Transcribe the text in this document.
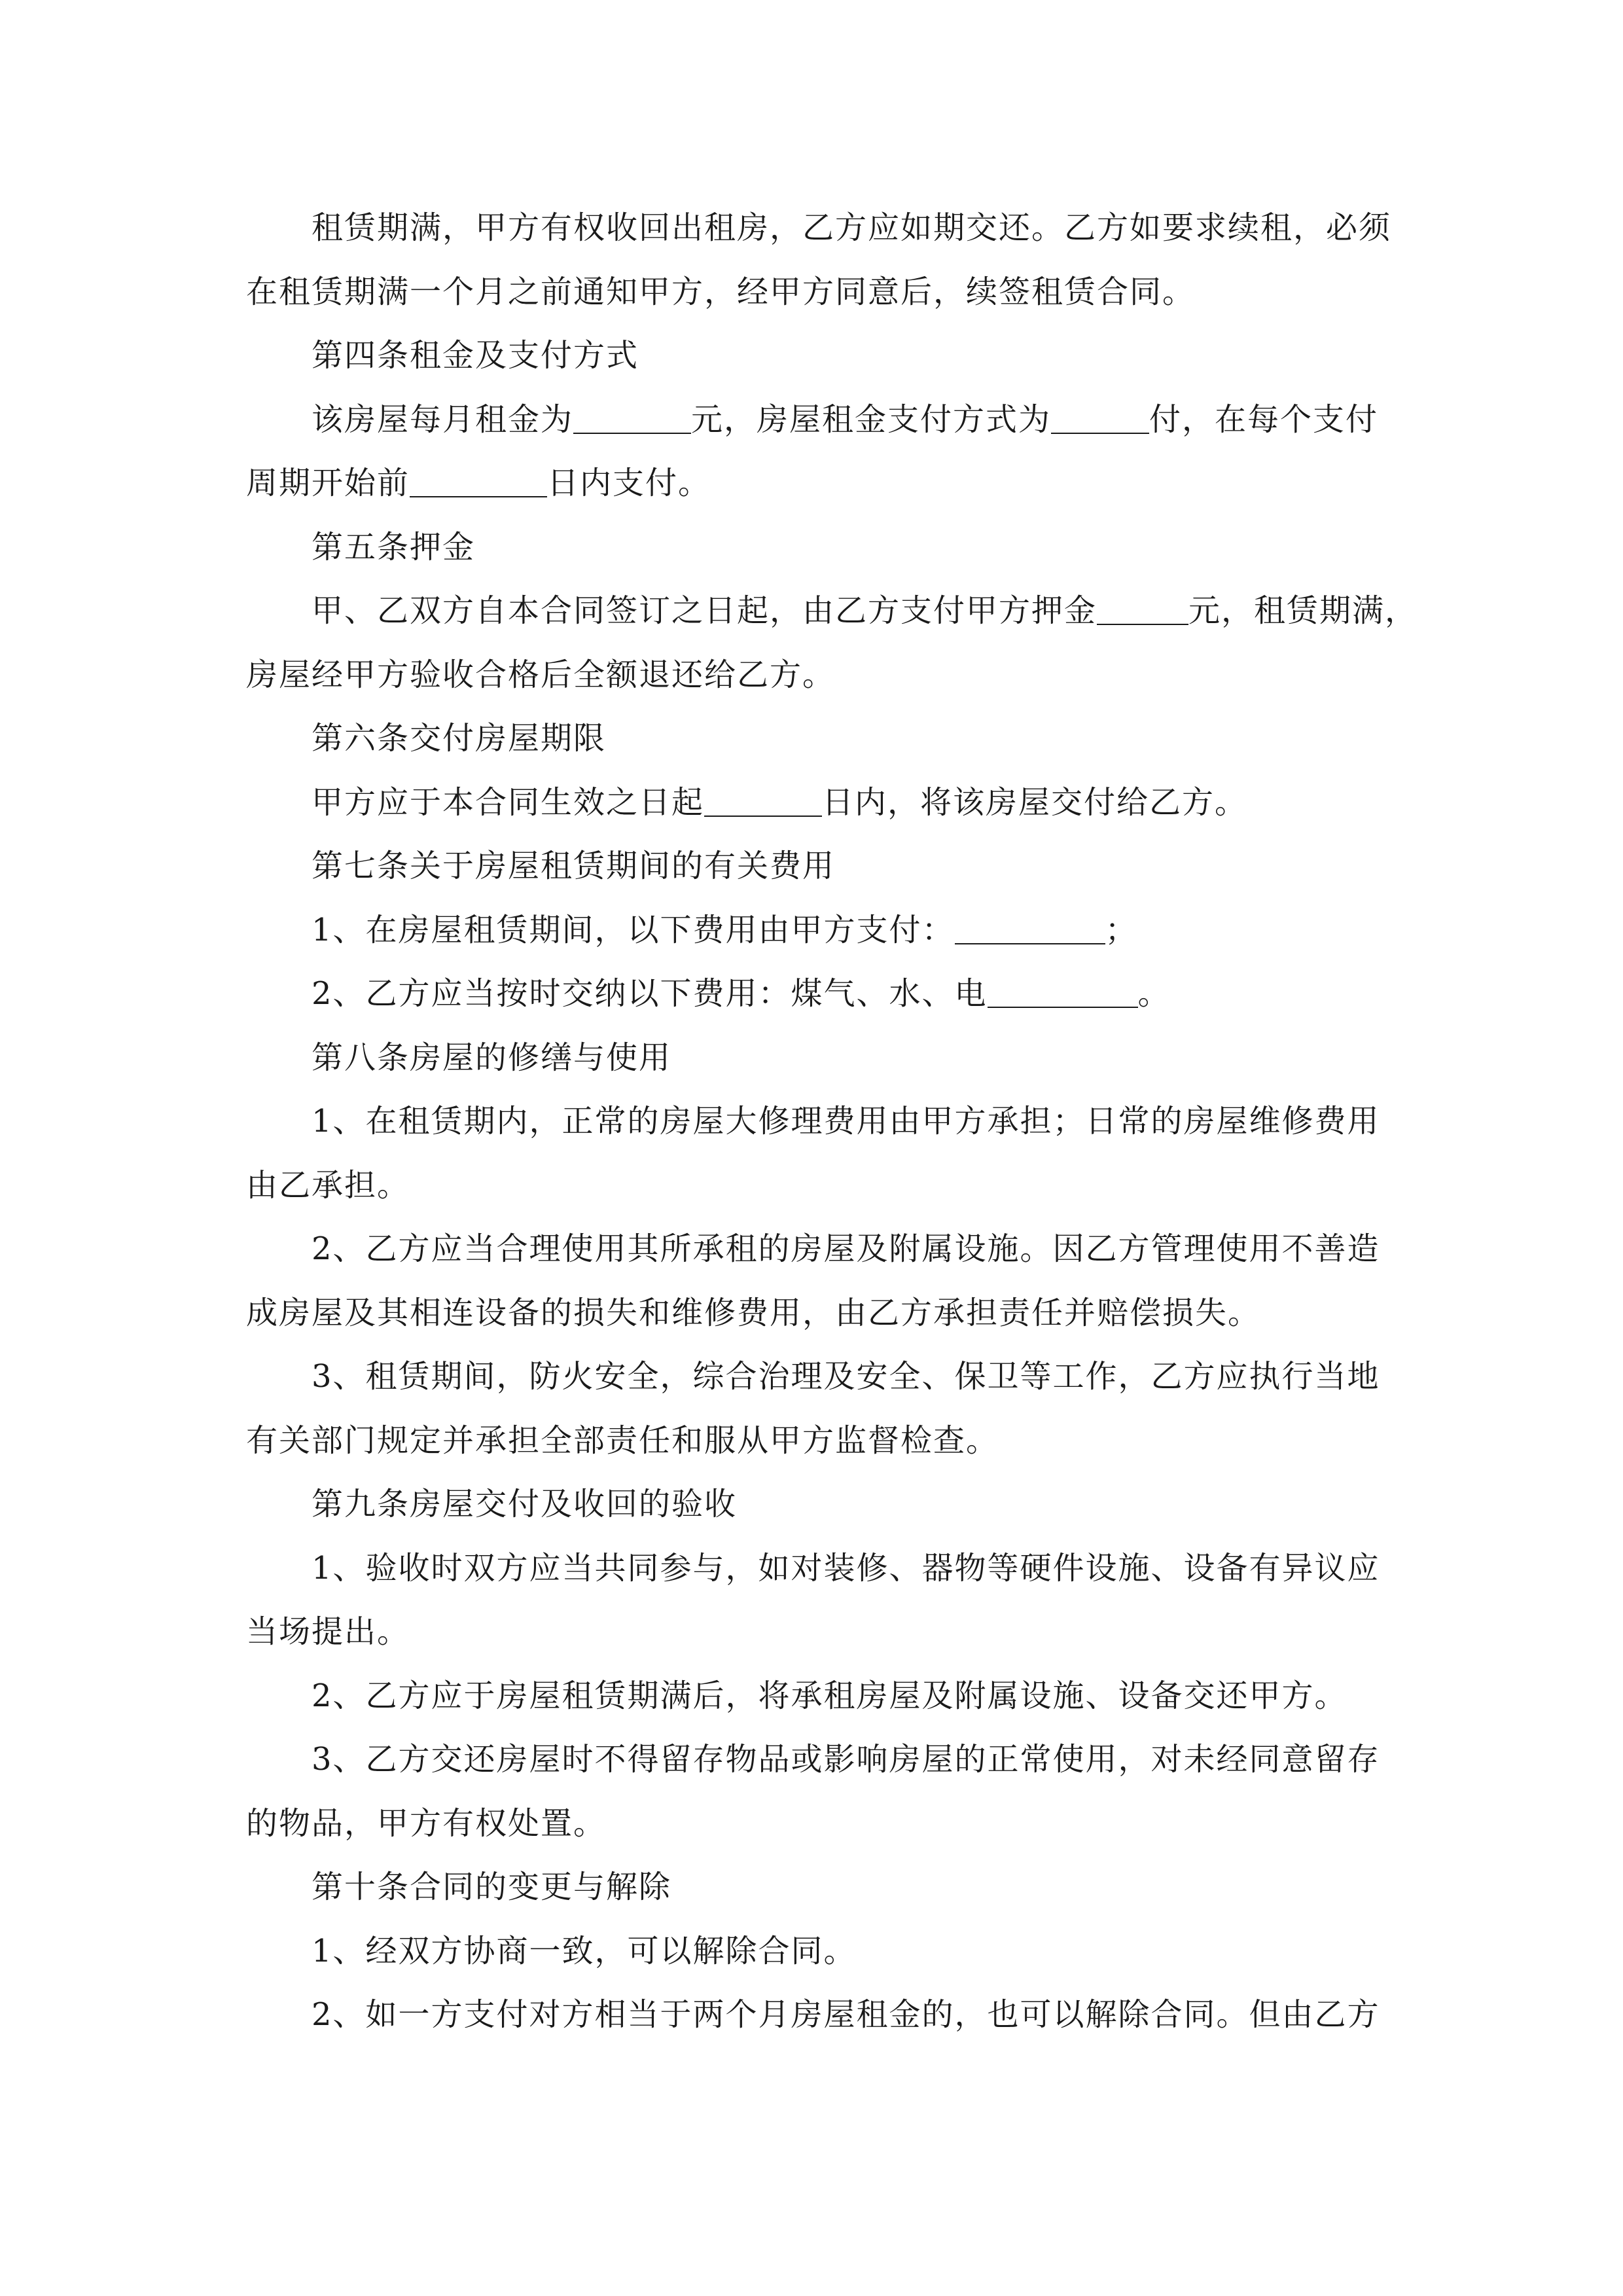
租赁期满，甲方有权收回出租房，乙方应如期交还。乙方如要求续租，必须
在租赁期满一个月之前通知甲方，经甲方同意后，续签租赁合同。
第四条租金及支付方式
该房屋每月租金为	元，房屋租金支付方式为	付，在每个支付
周期开始前	日内支付。
第五条押金
甲、乙双方自本合同签订之日起，由乙方支付甲方押金	元，租赁期满，
房屋经甲方验收合格后全额退还给乙方。
第六条交付房屋期限
甲方应于本合同生效之日起	日内，将该房屋交付给乙方。
第七条关于房屋租赁期间的有关费用
1、在房屋租赁期间，以下费用由甲方支付：	；
2、乙方应当按时交纳以下费用：煤气、水、电	。
第八条房屋的修缮与使用
1、在租赁期内，正常的房屋大修理费用由甲方承担；日常的房屋维修费用
由乙承担。
2、乙方应当合理使用其所承租的房屋及附属设施。因乙方管理使用不善造
成房屋及其相连设备的损失和维修费用，由乙方承担责任并赔偿损失。
3、租赁期间，防火安全，综合治理及安全、保卫等工作，乙方应执行当地
有关部门规定并承担全部责任和服从甲方监督检查。
第九条房屋交付及收回的验收
1、验收时双方应当共同参与，如对装修、器物等硬件设施、设备有异议应
当场提出。
2、乙方应于房屋租赁期满后，将承租房屋及附属设施、设备交还甲方。
3、乙方交还房屋时不得留存物品或影响房屋的正常使用，对未经同意留存
的物品，甲方有权处置。
第十条合同的变更与解除
1、经双方协商一致，可以解除合同。
2、如一方支付对方相当于两个月房屋租金的，也可以解除合同。但由乙方
